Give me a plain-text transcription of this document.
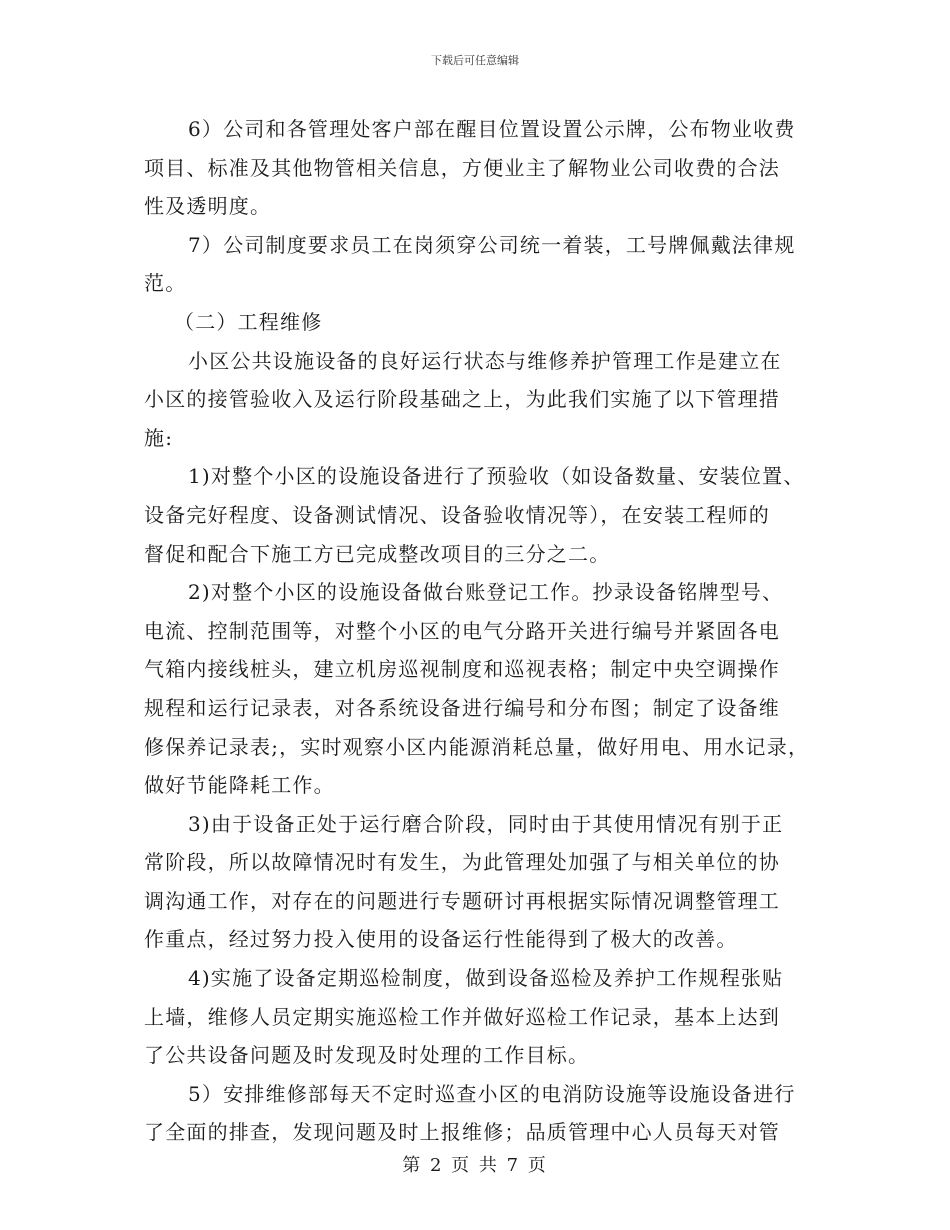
下载后可任意编辑
6）公司和各管理处客户部在醒目位置设置公示牌，公布物业收费
项目、标准及其他物管相关信息，方便业主了解物业公司收费的合法
性及透明度。
7）公司制度要求员工在岗须穿公司统一着装，工号牌佩戴法律规
范。
（二）工程维修
小区公共设施设备的良好运行状态与维修养护管理工作是建立在
小区的接管验收入及运行阶段基础之上，为此我们实施了以下管理措
施:
1)对整个小区的设施设备进行了预验收（如设备数量、安装位置、
设备完好程度、设备测试情况、设备验收情况等），在安装工程师的
督促和配合下施工方已完成整改项目的三分之二。
2)对整个小区的设施设备做台账登记工作。抄录设备铭牌型号、
电流、控制范围等，对整个小区的电气分路开关进行编号并紧固各电
气箱内接线桩头，建立机房巡视制度和巡视表格；制定中央空调操作
规程和运行记录表，对各系统设备进行编号和分布图；制定了设备维
修保养记录表;，实时观察小区内能源消耗总量，做好用电、用水记录，
做好节能降耗工作。
3)由于设备正处于运行磨合阶段，同时由于其使用情况有别于正
常阶段，所以故障情况时有发生，为此管理处加强了与相关单位的协
调沟通工作，对存在的问题进行专题研讨再根据实际情况调整管理工
作重点，经过努力投入使用的设备运行性能得到了极大的改善。
4)实施了设备定期巡检制度，做到设备巡检及养护工作规程张贴
上墙，维修人员定期实施巡检工作并做好巡检工作记录，基本上达到
了公共设备问题及时发现及时处理的工作目标。
5）安排维修部每天不定时巡查小区的电消防设施等设施设备进行
了全面的排查，发现问题及时上报维修；品质管理中心人员每天对管
第 2 页 共 7 页
